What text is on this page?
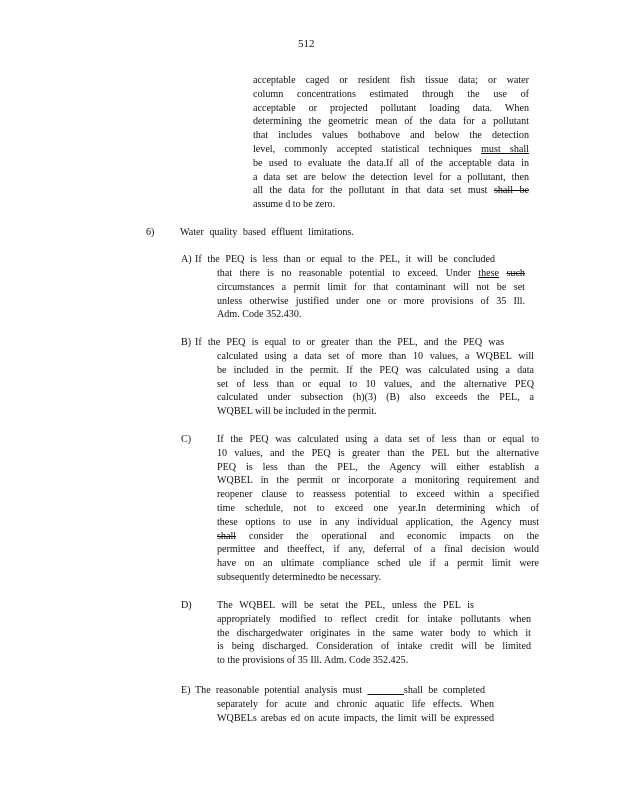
512
acceptable caged or resident fish tissue data; or water
column concentrations estimated through the use of
acceptable or projected pollutant loading data. When
determining the geometric mean of the data for a pollutant
that includes values bothabove and below the detection
level, commonly accepted statistical techniques must shall
be used to evaluate the data.If all of the acceptable data in
a data set are below the detection level for a pollutant, then
all the data for the pollutant in that data set must shall be
assume d to be zero.
6)	Water quality based effluent limitations.
A) If the PEQ is less than or equal to the PEL, it will be concluded
that there is no reasonable potential to exceed. Under these such
circumstances a permit limit for that contaminant will not be set
unless otherwise justified under one or more provisions of 35 Ill.
Adm. Code 352.430.
B) If the PEQ is equal to or greater than the PEL, and the PEQ was
calculated using a data set of more than 10 values, a WQBEL will
be included in the permit. If the PEQ was calculated using a data
set of less than or equal to 10 values, and the alternative PEQ
calculated under subsection (h)(3) (B) also exceeds the PEL, a
WQBEL will be included in the permit.
C)	If the PEQ was calculated using a data set of less than or equal to
10 values, and the PEQ is greater than the PEL but the alternative
PEQ is less than the PEL, the Agency will either establish a
WQBEL in the permit or incorporate a monitoring requirement and
reopener clause to reassess potential to exceed within a specified
time schedule, not to exceed one year.In determining which of
these options to use in any individual application, the Agency must
shall consider the operational and economic impacts on the
permittee and theeffect, if any, deferral of a final decision would
have on an ultimate compliance sched ule if a permit limit were
subsequently determinedto be necessary.
D)	The WQBEL will be setat the PEL, unless the PEL is
appropriately modified to reflect credit for intake pollutants when
the dischargedwater originates in the same water body to which it
is being discharged. Consideration of intake credit will be limited
to the provisions of 35 Ill. Adm. Code 352.425.
E) The reasonable potential analysis must	shall be completed
separately for acute and chronic aquatic life effects. When
WQBELs arebas ed on acute impacts, the limit will be expressed
